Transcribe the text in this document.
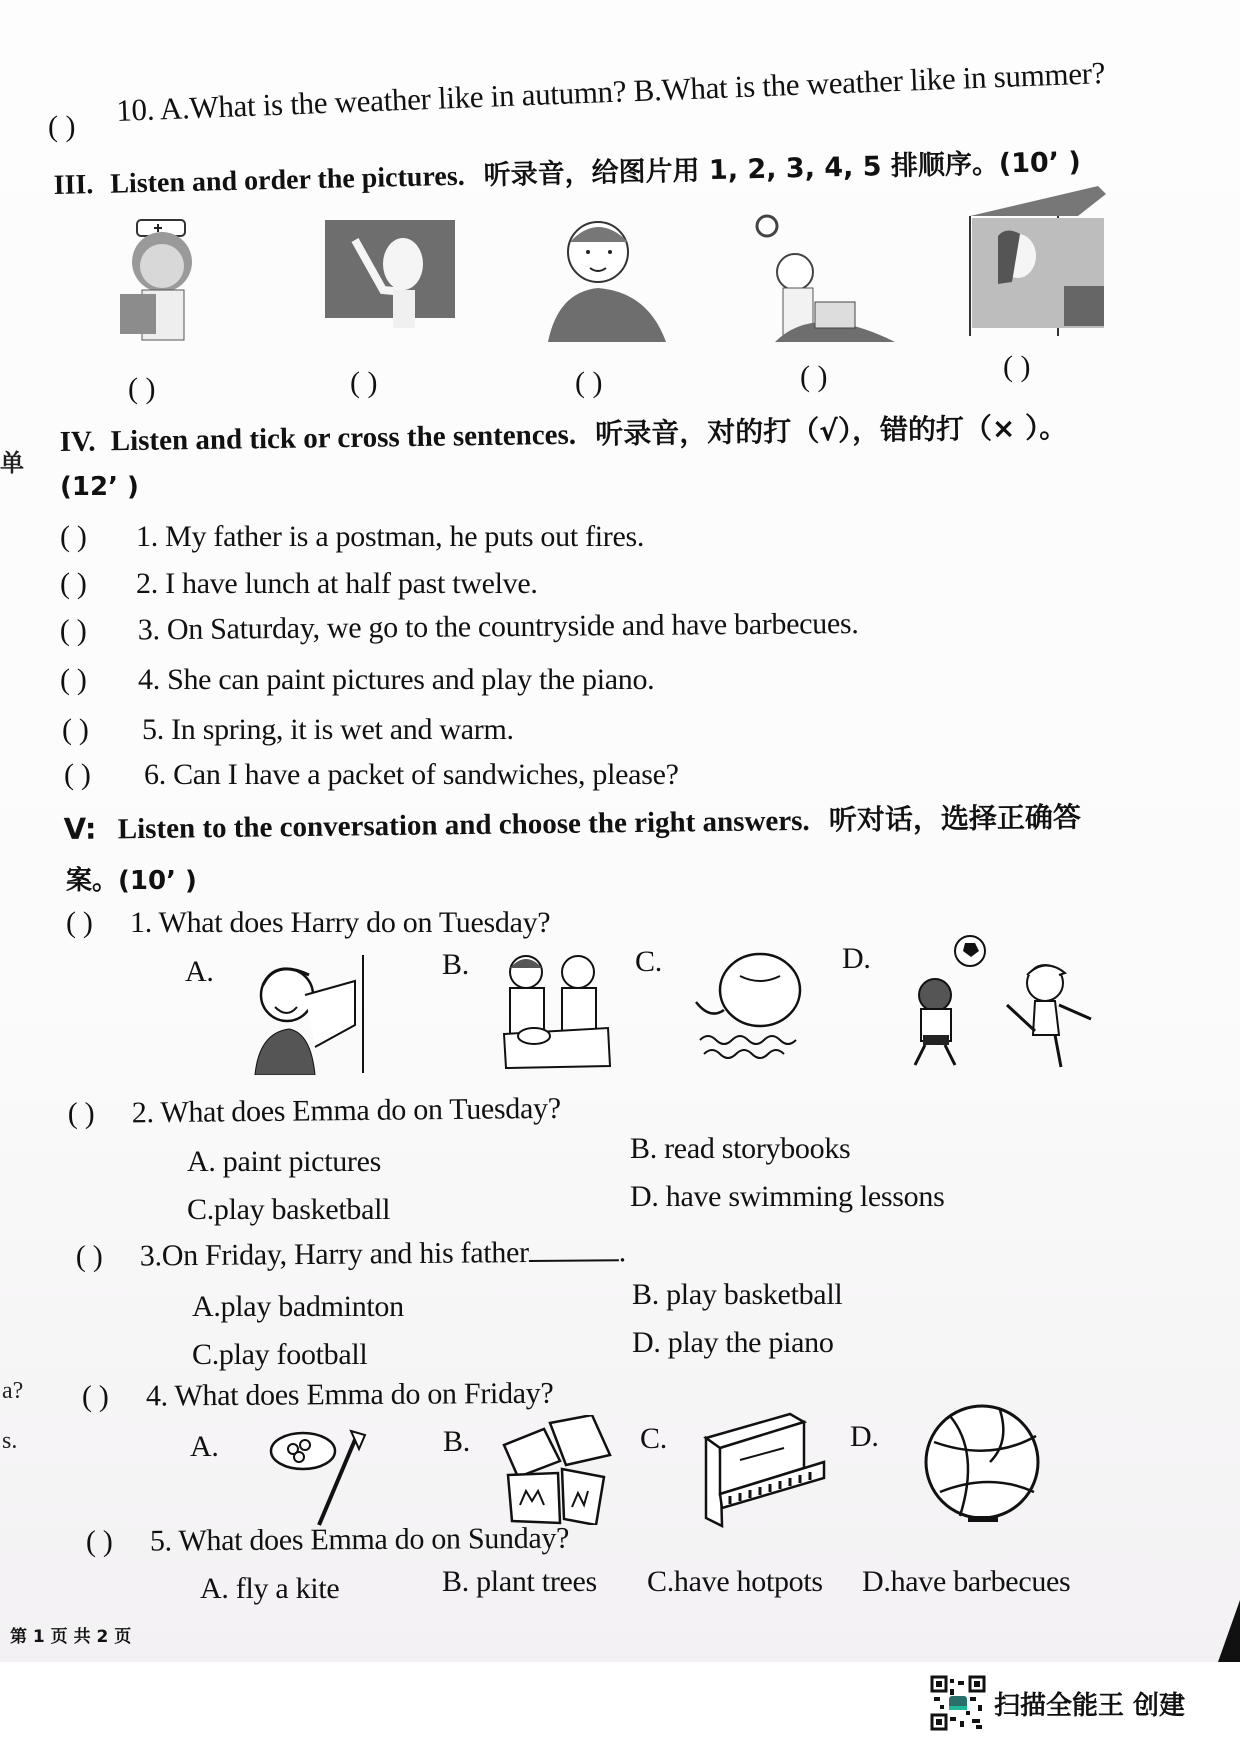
( ) 10. A.What is the weather like in autumn? B.What is the weather like in summer?
III. Listen and order the pictures. 听录音，给图片用 1, 2, 3, 4, 5 排顺序。(10’ )
( )	( )	( )	( )	( )
单
IV. Listen and tick or cross the sentences. 听录音，对的打（√），错的打（× ）。
(12’ )
( ) 1. My father is a postman, he puts out fires.
( ) 2. I have lunch at half past twelve.
( ) 3. On Saturday, we go to the countryside and have barbecues.
( ) 4. She can paint pictures and play the piano.
( ) 5. In spring, it is wet and warm.
( ) 6. Can I have a packet of sandwiches, please?
V: Listen to the conversation and choose the right answers. 听对话，选择正确答
案。(10’ )
( ) 1. What does Harry do on Tuesday?
A.	B.	C.	D.
( ) 2. What does Emma do on Tuesday?
A. paint pictures	B. read storybooks
C.play basketball	D. have swimming lessons
( ) 3.On Friday, Harry and his father	.
A.play badminton	B. play basketball
C.play football	D. play the piano
a?
s.
( ) 4. What does Emma do on Friday?
A.	B.	C.	D.
( ) 5. What does Emma do on Sunday?
A. fly a kite	B. plant trees C.have hotpots D.have barbecues
第 1 页 共 2 页
扫描全能王 创建
